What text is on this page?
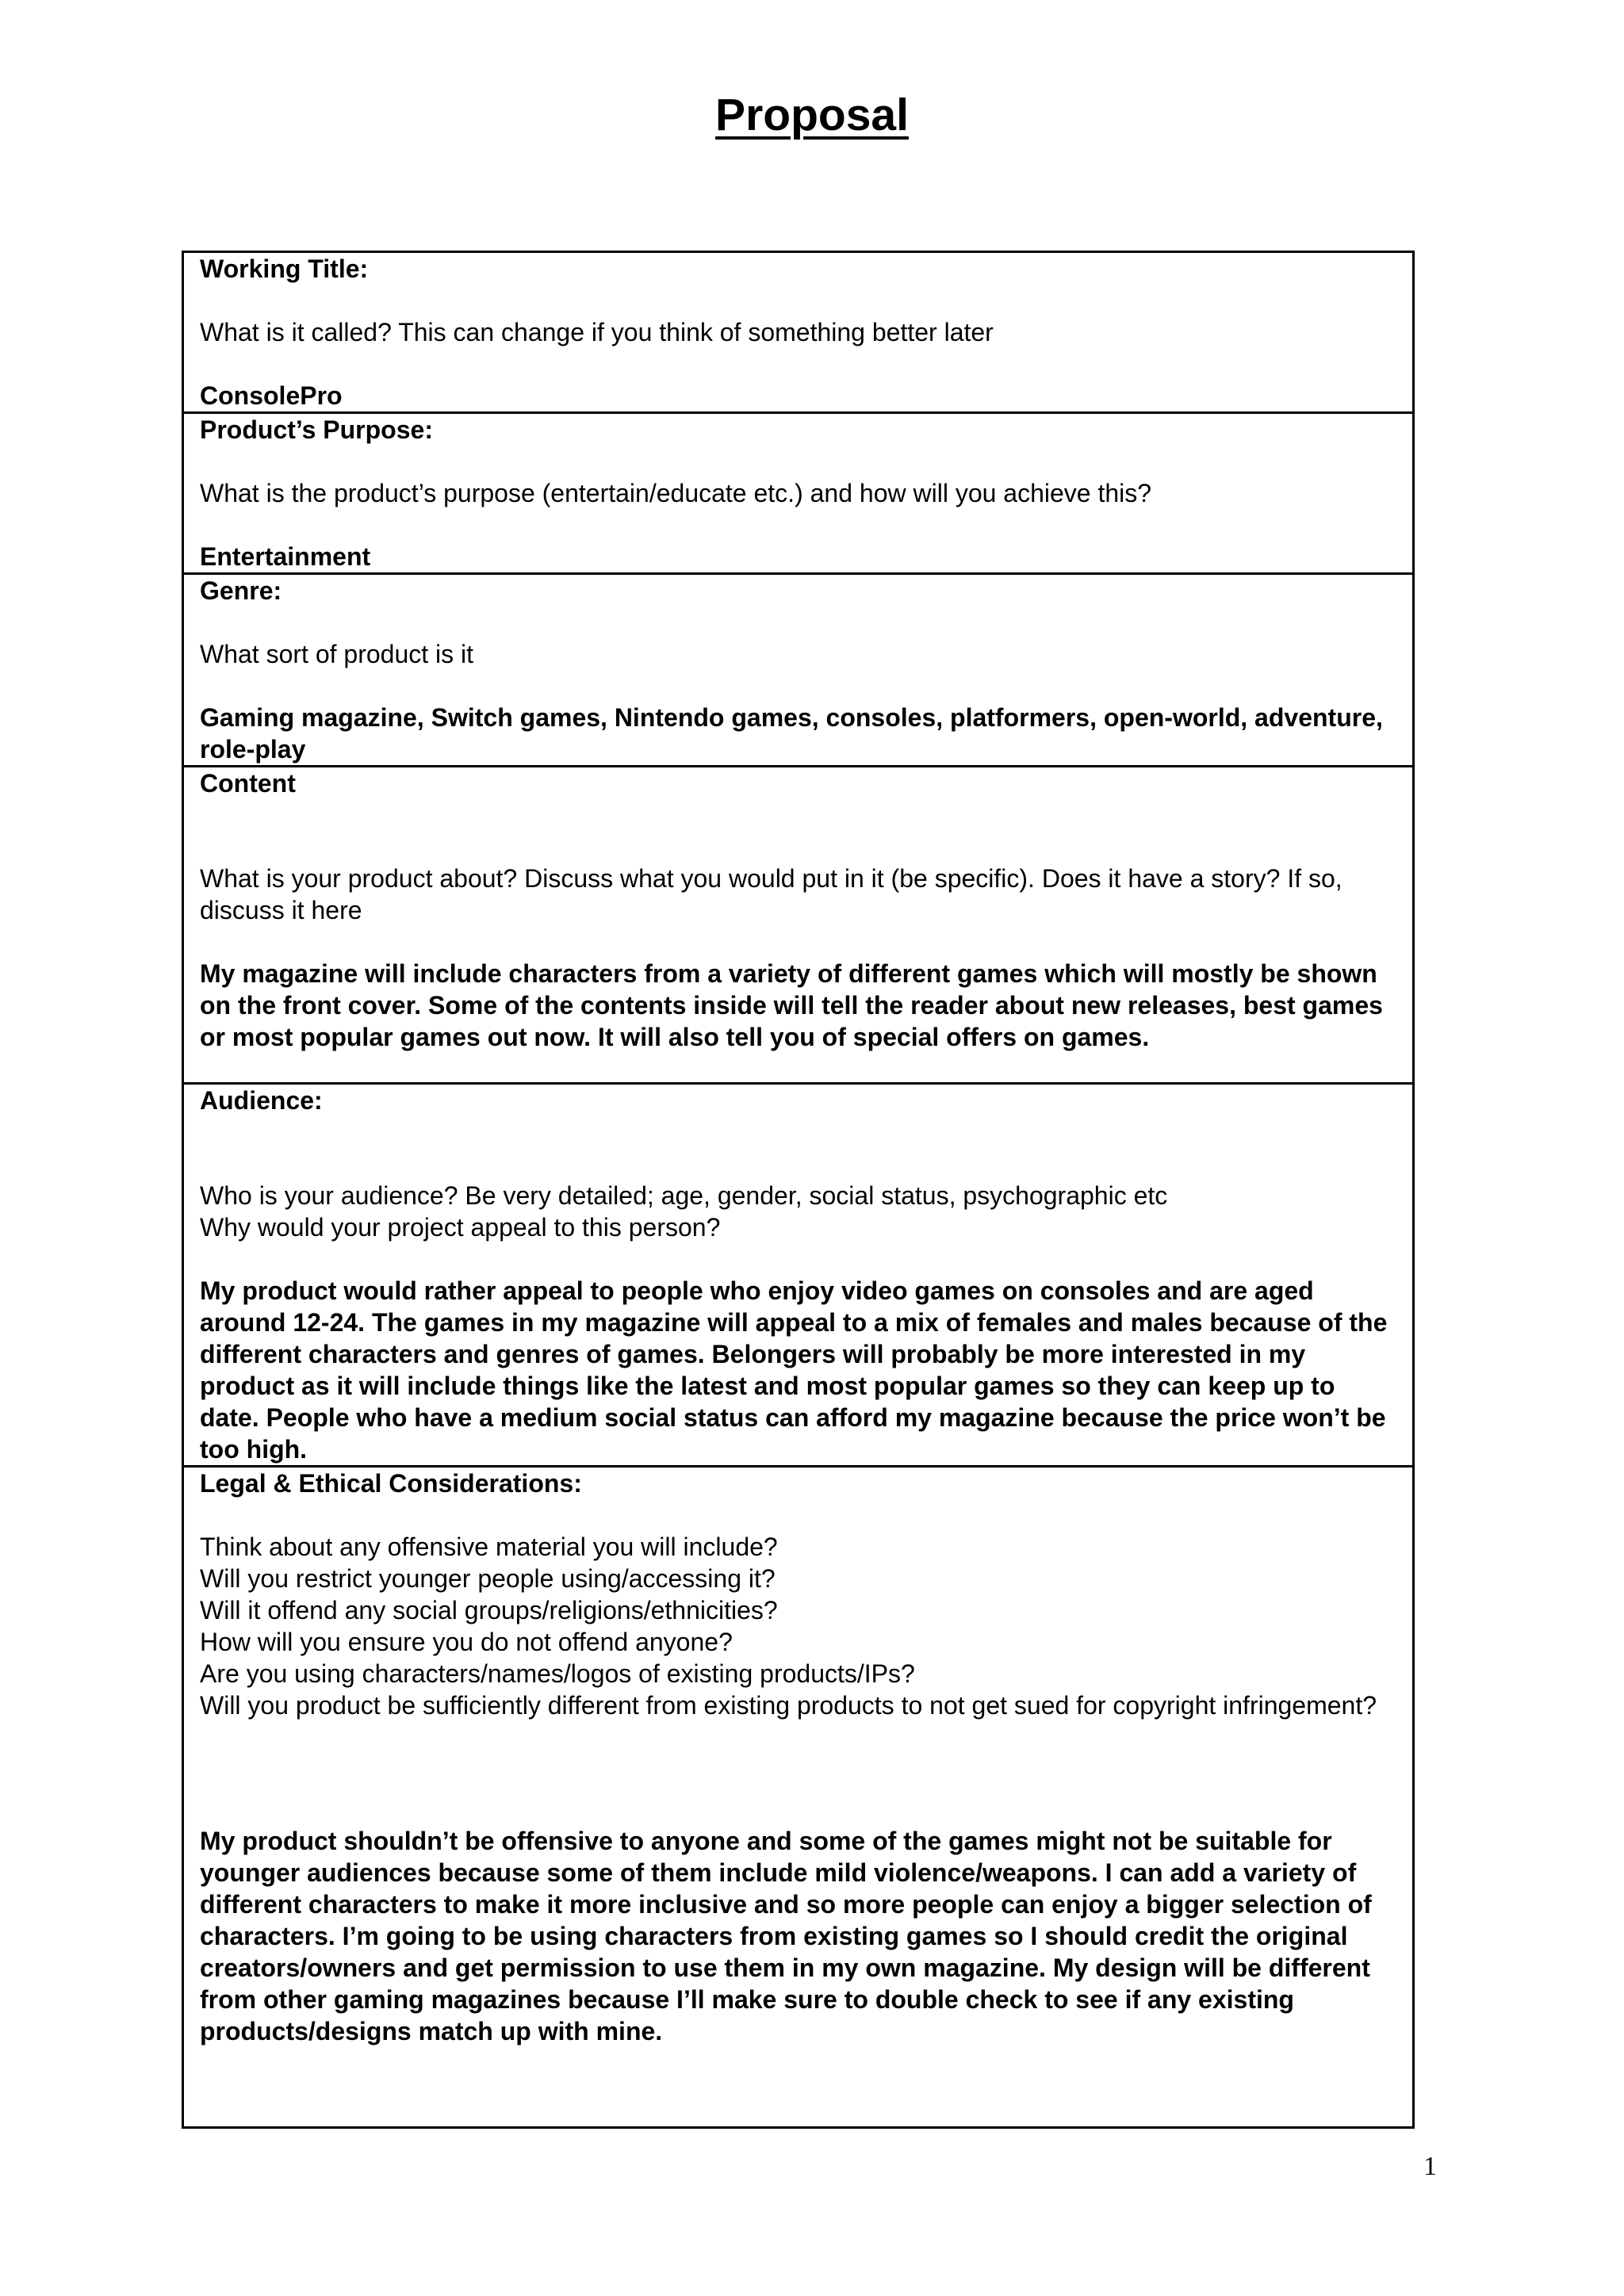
Proposal

Working Title:

What is it called? This can change if you think of something better later

ConsolePro

Product’s Purpose:

What is the product’s purpose (entertain/educate etc.) and how will you achieve this?

Entertainment

Genre:

What sort of product is it

Gaming magazine, Switch games, Nintendo games, consoles, platformers, open-world, adventure, role-play

Content

What is your product about? Discuss what you would put in it (be specific). Does it have a story? If so, discuss it here

My magazine will include characters from a variety of different games which will mostly be shown on the front cover. Some of the contents inside will tell the reader about new releases, best games or most popular games out now. It will also tell you of special offers on games.

Audience:

Who is your audience? Be very detailed; age, gender, social status, psychographic etc

Why would your project appeal to this person?

My product would rather appeal to people who enjoy video games on consoles and are aged around 12-24. The games in my magazine will appeal to a mix of females and males because of the different characters and genres of games. Belongers will probably be more interested in my product as it will include things like the latest and most popular games so they can keep up to date. People who have a medium social status can afford my magazine because the price won’t be too high.

Legal & Ethical Considerations:

Think about any offensive material you will include?

Will you restrict younger people using/accessing it?

Will it offend any social groups/religions/ethnicities?

How will you ensure you do not offend anyone?

Are you using characters/names/logos of existing products/IPs?

Will you product be sufficiently different from existing products to not get sued for copyright infringement?

My product shouldn’t be offensive to anyone and some of the games might not be suitable for younger audiences because some of them include mild violence/weapons. I can add a variety of different characters to make it more inclusive and so more people can enjoy a bigger selection of characters. I’m going to be using characters from existing games so I should credit the original creators/owners and get permission to use them in my own magazine. My design will be different from other gaming magazines because I’ll make sure to double check to see if any existing products/designs match up with mine.

1
